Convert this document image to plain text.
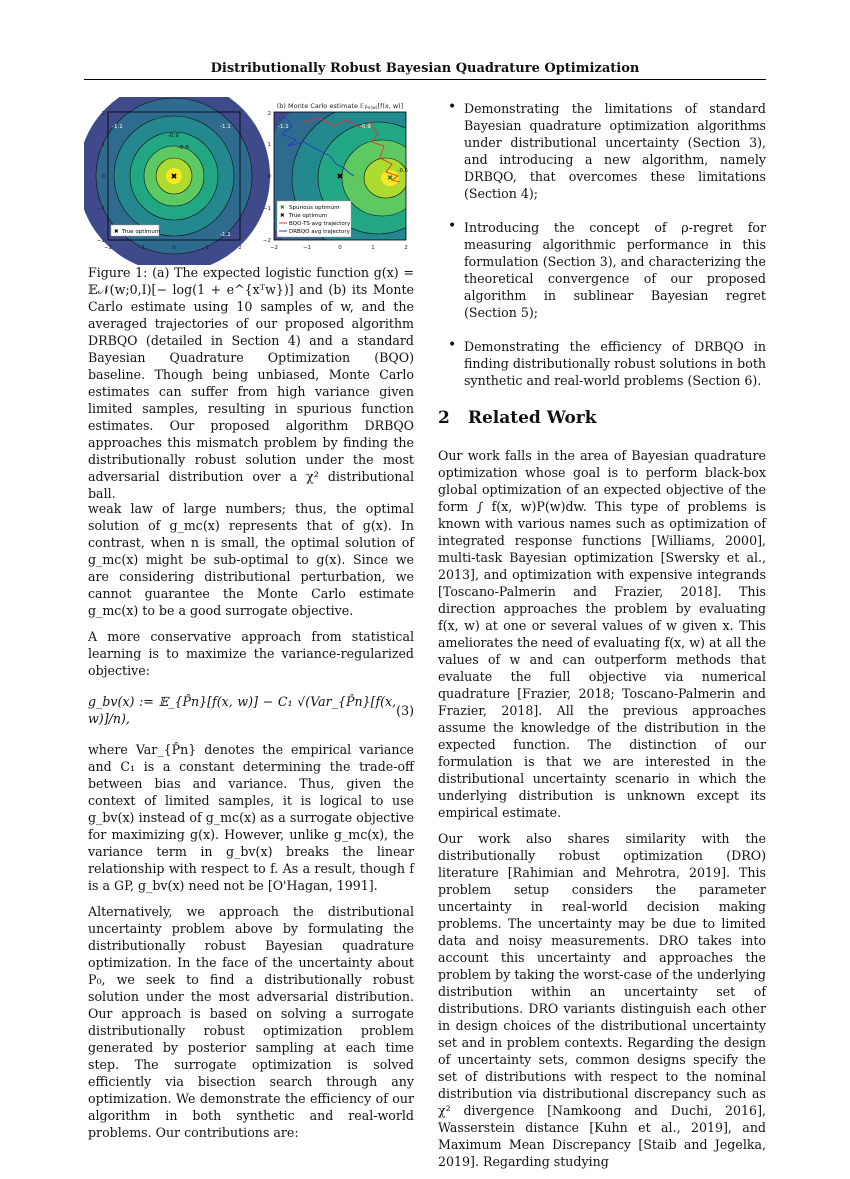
Distributionally Robust Bayesian Quadrature Optimization
-0.9
-0.8
-1.1	-1.1
-1.1
✖
✖ True optimum
−2	−1	0	1	2
2
1
0
−1
−2
(b) Monte Carlo estimate 𝔼P̂n(w)[f(x, w)]
-0.9
-1.1
-0.6
✖
✖
✖ Spurious optimum
✖ True optimum
BQO-TS avg trajectory
DRBQO avg trajectory
−2	−1	0	1	2
2
1
0
−1
−2

Figure 1: (a) The expected logistic function g(x) = 𝔼𝒩(w;0,I)[− log(1 + e^{xᵀw})] and (b) its Monte Carlo estimate using 10 samples of w, and the averaged trajectories of our proposed algorithm DRBQO (detailed in Section 4) and a standard Bayesian Quadrature Optimization (BQO) baseline. Though being unbiased, Monte Carlo estimates can suffer from high variance given limited samples, resulting in spurious function estimates. Our proposed algorithm DRBQO approaches this mismatch problem by finding the distributionally robust solution under the most adversarial distribution over a χ² distributional ball.

weak law of large numbers; thus, the optimal solution of g_mc(x) represents that of g(x). In contrast, when n is small, the optimal solution of g_mc(x) might be sub-optimal to g(x). Since we are considering distributional perturbation, we cannot guarantee the Monte Carlo estimate g_mc(x) to be a good surrogate objective.

A more conservative approach from statistical learning is to maximize the variance-regularized objective:

g_bv(x) := 𝔼_{P̂n}[f(x, w)] − C₁ √(Var_{P̂n}[f(x, w)]/n),
(3)

where Var_{P̂n} denotes the empirical variance and C₁ is a constant determining the trade-off between bias and variance. Thus, given the context of limited samples, it is logical to use g_bv(x) instead of g_mc(x) as a surrogate objective for maximizing g(x). However, unlike g_mc(x), the variance term in g_bv(x) breaks the linear relationship with respect to f. As a result, though f is a GP, g_bv(x) need not be [O'Hagan, 1991].

Alternatively, we approach the distributional uncertainty problem above by formulating the distributionally robust Bayesian quadrature optimization. In the face of the uncertainty about P₀, we seek to find a distributionally robust solution under the most adversarial distribution. Our approach is based on solving a surrogate distributionally robust optimization problem generated by posterior sampling at each time step. The surrogate optimization is solved efficiently via bisection search through any optimization. We demonstrate the efficiency of our algorithm in both synthetic and real-world problems. Our contributions are:

• Demonstrating the limitations of standard Bayesian quadrature optimization algorithms under distributional uncertainty (Section 3), and introducing a new algorithm, namely DRBQO, that overcomes these limitations (Section 4);
• Introducing the concept of ρ-regret for measuring algorithmic performance in this formulation (Section 3), and characterizing the theoretical convergence of our proposed algorithm in sublinear Bayesian regret (Section 5);
• Demonstrating the efficiency of DRBQO in finding distributionally robust solutions in both synthetic and real-world problems (Section 6).
2 Related Work

Our work falls in the area of Bayesian quadrature optimization whose goal is to perform black-box global optimization of an expected objective of the form ∫ f(x, w)P(w)dw. This type of problems is known with various names such as optimization of integrated response functions [Williams, 2000], multi-task Bayesian optimization [Swersky et al., 2013], and optimization with expensive integrands [Toscano-Palmerin and Frazier, 2018]. This direction approaches the problem by evaluating f(x, w) at one or several values of w given x. This ameliorates the need of evaluating f(x, w) at all the values of w and can outperform methods that evaluate the full objective via numerical quadrature [Frazier, 2018; Toscano-Palmerin and Frazier, 2018]. All the previous approaches assume the knowledge of the distribution in the expected function. The distinction of our formulation is that we are interested in the distributional uncertainty scenario in which the underlying distribution is unknown except its empirical estimate.

Our work also shares similarity with the distributionally robust optimization (DRO) literature [Rahimian and Mehrotra, 2019]. This problem setup considers the parameter uncertainty in real-world decision making problems. The uncertainty may be due to limited data and noisy measurements. DRO takes into account this uncertainty and approaches the problem by taking the worst-case of the underlying distribution within an uncertainty set of distributions. DRO variants distinguish each other in design choices of the distributional uncertainty set and in problem contexts. Regarding the design of uncertainty sets, common designs specify the set of distributions with respect to the nominal distribution via distributional discrepancy such as χ² divergence [Namkoong and Duchi, 2016], Wasserstein distance [Kuhn et al., 2019], and Maximum Mean Discrepancy [Staib and Jegelka, 2019]. Regarding studying
